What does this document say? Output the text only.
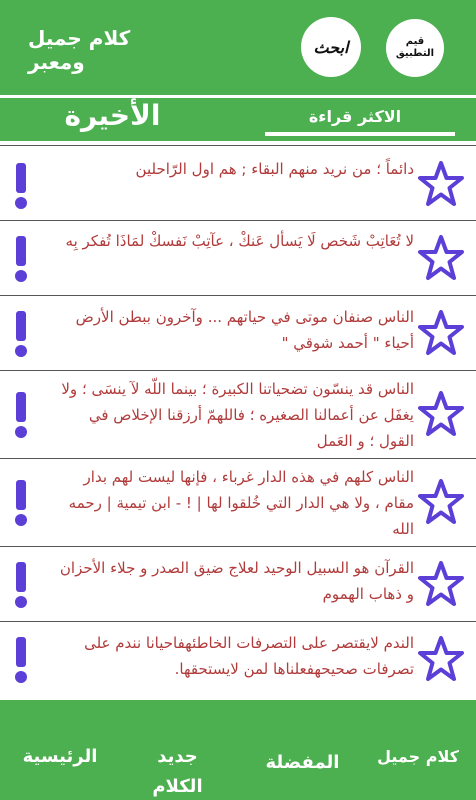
كلام جميل ومعبر
ابحث	قيم التطبيق
الأخيرة	الاكثر قراءة
دائماً ؛ من نريد منهم البقاء ; هم اول الرّاحلين
لا تُعَاتِبْ شَخص لَا يَسأل عَنكْ ، عآتِبْ نَفسكْ لمَاذَا تُفكر بِه
الناس صنفان موتى في حياتهم ... وآخرون ببطن الأرض أحياء " أحمد شوقي "
الناس قد ينسّون تضحياتنا الكبيرة ؛ بينما اللّه لآ ينسَى ؛ ولا يغفَل عن أعمالنا الصغيره ؛ فاللهمّ أرزقنا الإخلاص في القول ؛ و العَمل
الناس كلهم في هذه الدار غرباء ، فإنها ليست لهم بدار مقام ، ولا هي الدار التي خُلقوا لها | ! - ابن تيمية | رحمه الله
القرآن هو السبيل الوحيد لعلاج ضيق الصدر و جلاء الأحزان و ذهاب الهموم
الندم لايقتصر على التصرفات الخاطئهفاحيانا نندم على تصرفات صحيحهفعلناها لمن لايستحقها.
الرئيسية	جديد الكلام
المفضلة	كلام جميل
